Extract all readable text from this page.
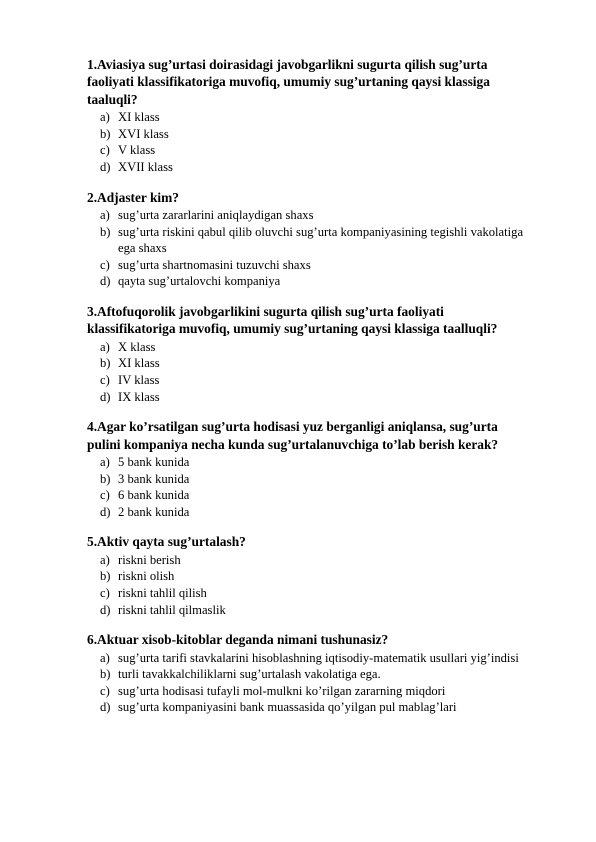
1.Aviasiya sug’urtasi doirasidagi javobgarlikni sugurta qilish sug’urta faoliyati klassifikatoriga muvofiq, umumiy sug’urtaning qaysi klassiga taaluqli?
a) XI klass
b) XVI klass
c) V klass
d) XVII klass
2.Adjaster kim?
a) sug’urta zararlarini aniqlaydigan shaxs
b) sug’urta riskini qabul qilib oluvchi sug’urta kompaniyasining tegishli vakolatiga ega shaxs
c) sug’urta shartnomasini tuzuvchi shaxs
d) qayta sug’urtalovchi kompaniya
3.Aftofuqorolik javobgarlikini sugurta qilish sug’urta faoliyati klassifikatoriga muvofiq, umumiy sug’urtaning qaysi klassiga taalluqli?
a) X klass
b) XI klass
c) IV klass
d) IX klass
4.Agar ko’rsatilgan sug’urta hodisasi yuz berganligi aniqlansa, sug’urta pulini kompaniya necha kunda sug’urtalanuvchiga to’lab berish kerak?
a) 5 bank kunida
b) 3 bank kunida
c) 6 bank kunida
d) 2 bank kunida
5.Aktiv qayta sug’urtalash?
a) riskni berish
b) riskni olish
c) riskni tahlil qilish
d) riskni tahlil qilmaslik
6.Aktuar xisob-kitoblar deganda nimani tushunasiz?
a) sug’urta tarifi stavkalarini hisoblashning iqtisodiy-matematik usullari yig’indisi
b) turli tavakkalchiliklarni sug’urtalash vakolatiga ega.
c) sug’urta hodisasi tufayli mol-mulkni ko’rilgan zararning miqdori
d) sug’urta kompaniyasini bank muassasida qo’yilgan pul mablag’lari
